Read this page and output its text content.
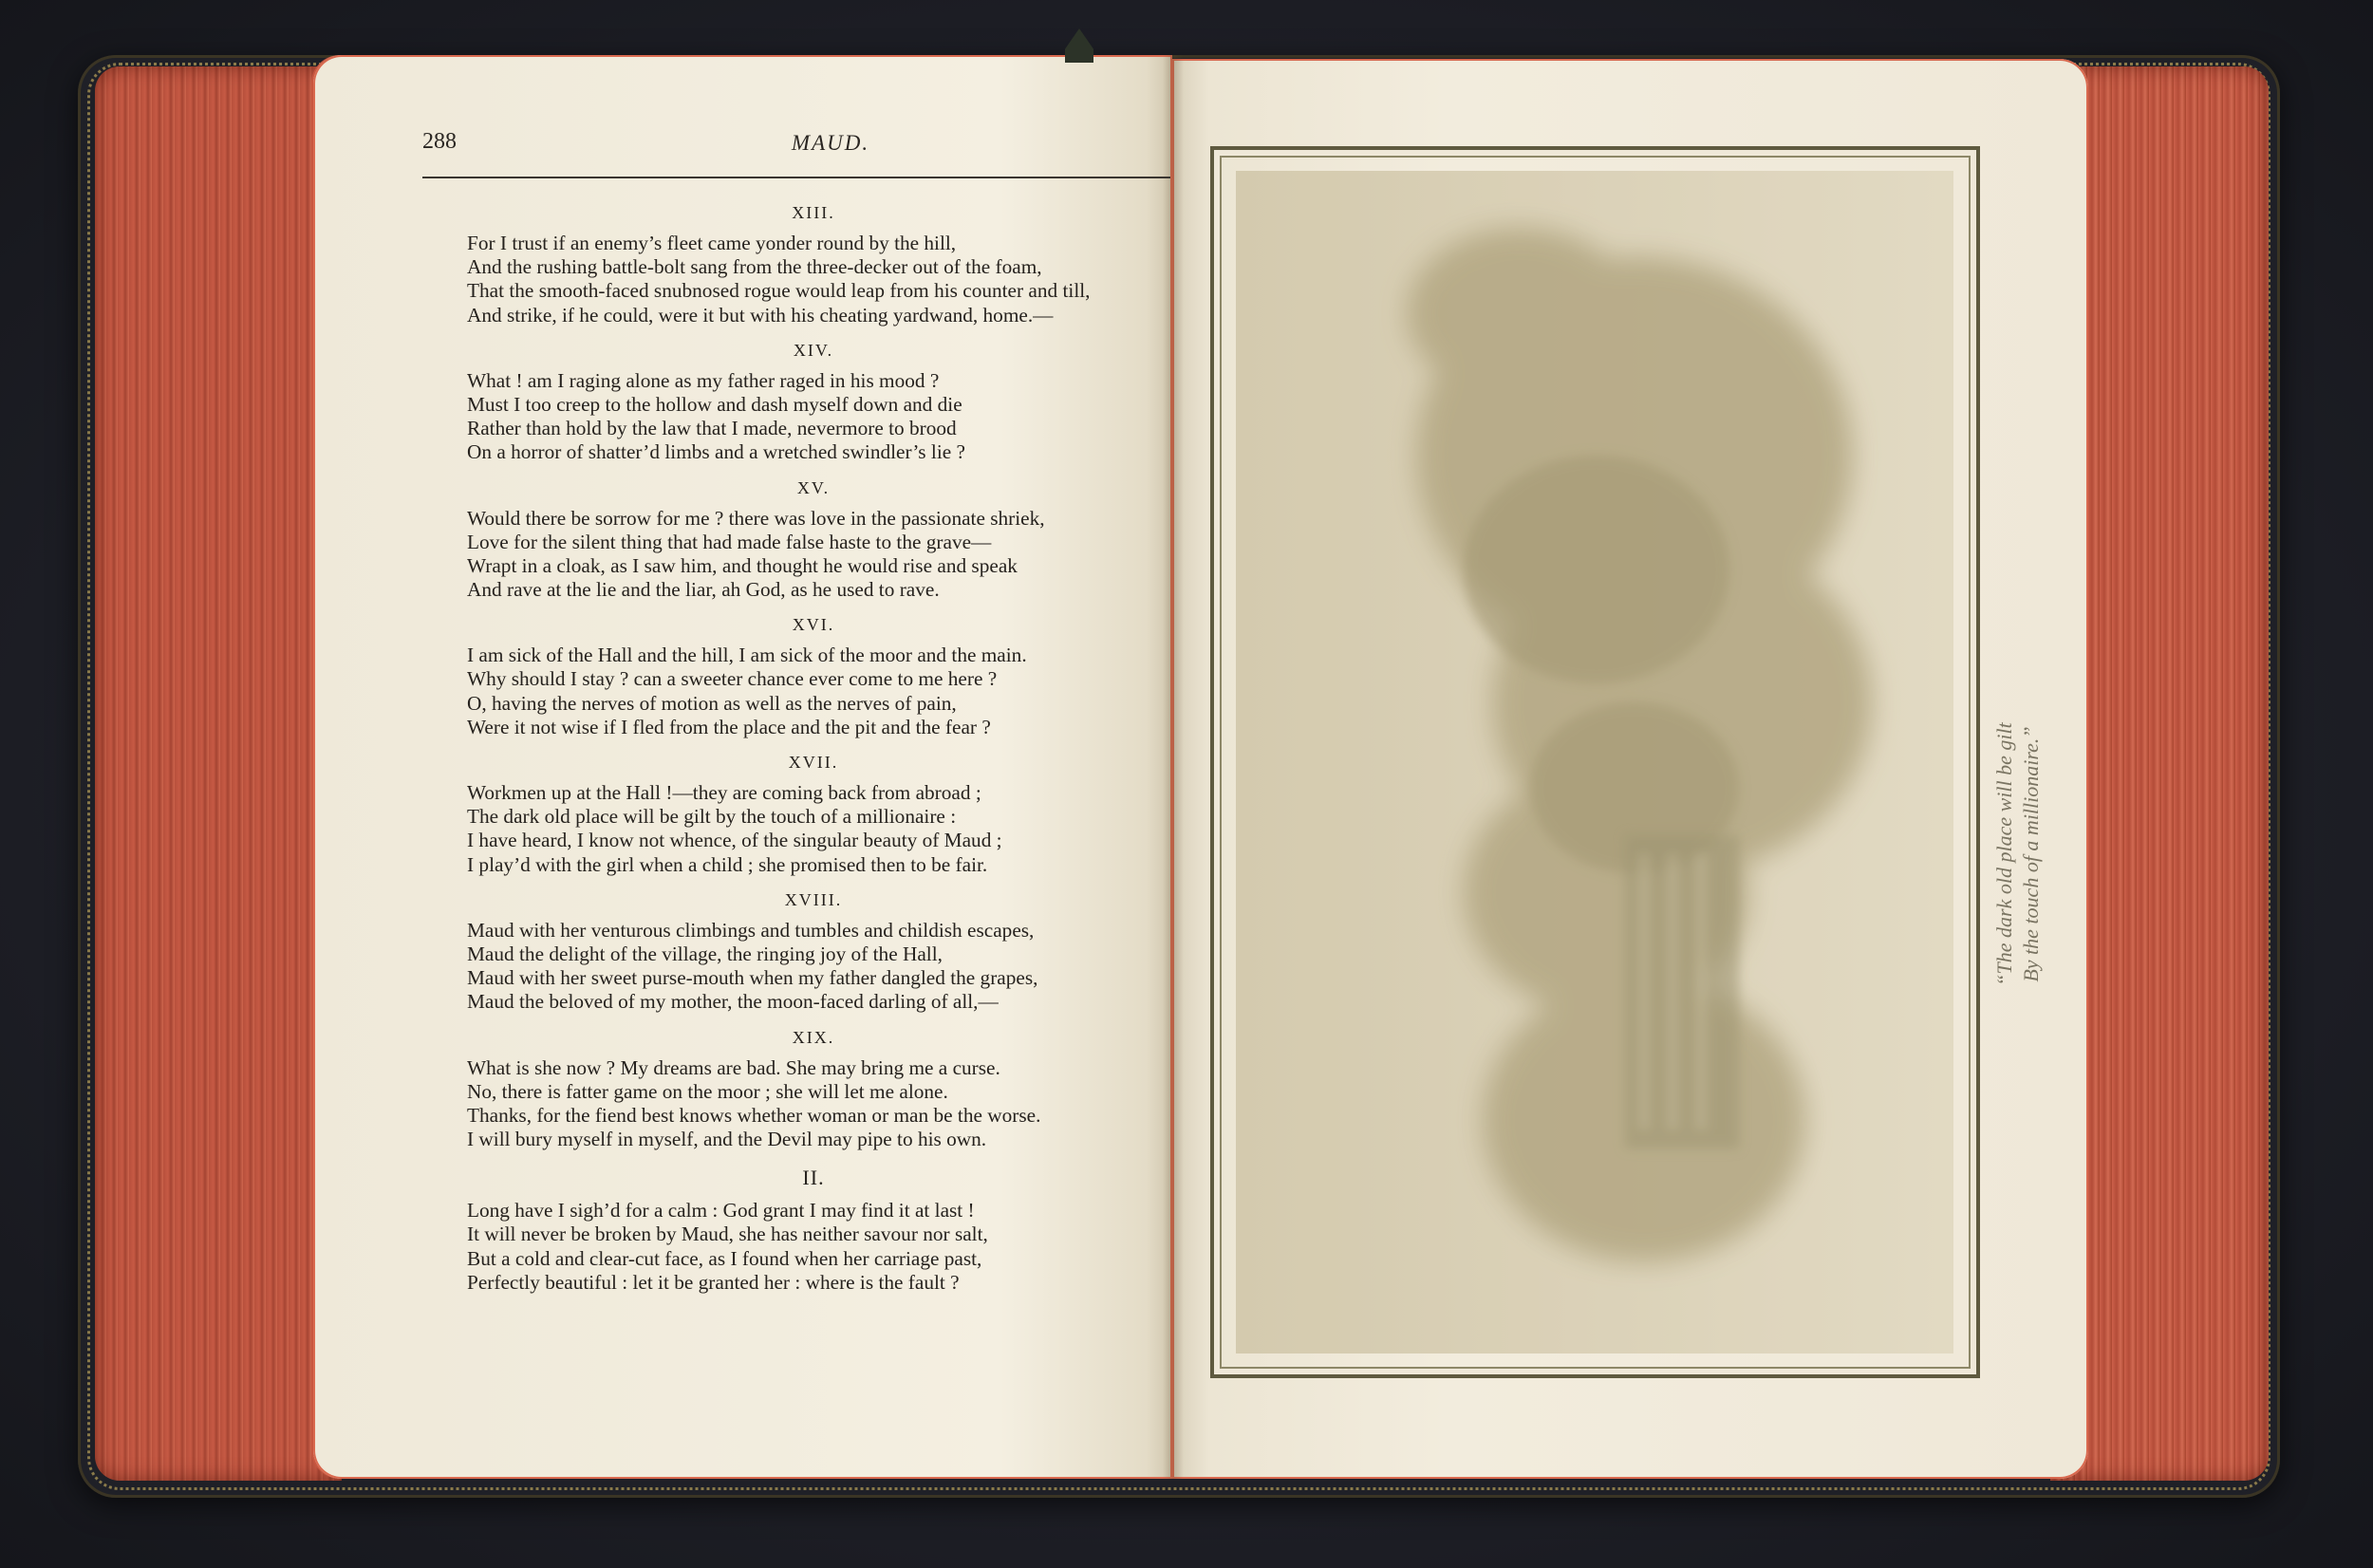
288	MAUD.
XIII.
For I trust if an enemy’s fleet came yonder round by the hill,
And the rushing battle-bolt sang from the three-decker out of the foam,
That the smooth-faced snubnosed rogue would leap from his counter and till,
And strike, if he could, were it but with his cheating yardwand, home.—
XIV.
What ! am I raging alone as my father raged in his mood ?
Must I too creep to the hollow and dash myself down and die
Rather than hold by the law that I made, nevermore to brood
On a horror of shatter’d limbs and a wretched swindler’s lie ?
XV.
Would there be sorrow for me ? there was love in the passionate shriek,
Love for the silent thing that had made false haste to the grave—
Wrapt in a cloak, as I saw him, and thought he would rise and speak
And rave at the lie and the liar, ah God, as he used to rave.
XVI.
I am sick of the Hall and the hill, I am sick of the moor and the main.
Why should I stay ? can a sweeter chance ever come to me here ?
O, having the nerves of motion as well as the nerves of pain,
Were it not wise if I fled from the place and the pit and the fear ?
XVII.
Workmen up at the Hall !—they are coming back from abroad ;
The dark old place will be gilt by the touch of a millionaire :
I have heard, I know not whence, of the singular beauty of Maud ;
I play’d with the girl when a child ; she promised then to be fair.
XVIII.
Maud with her venturous climbings and tumbles and childish escapes,
Maud the delight of the village, the ringing joy of the Hall,
Maud with her sweet purse-mouth when my father dangled the grapes,
Maud the beloved of my mother, the moon-faced darling of all,—
XIX.
What is she now ? My dreams are bad. She may bring me a curse.
No, there is fatter game on the moor ; she will let me alone.
Thanks, for the fiend best knows whether woman or man be the worse.
I will bury myself in myself, and the Devil may pipe to his own.
II.
Long have I sigh’d for a calm : God grant I may find it at last !
It will never be broken by Maud, she has neither savour nor salt,
But a cold and clear-cut face, as I found when her carriage past,
Perfectly beautiful : let it be granted her : where is the fault ?
“The dark old place will be gilt By the touch of a millionaire.”
